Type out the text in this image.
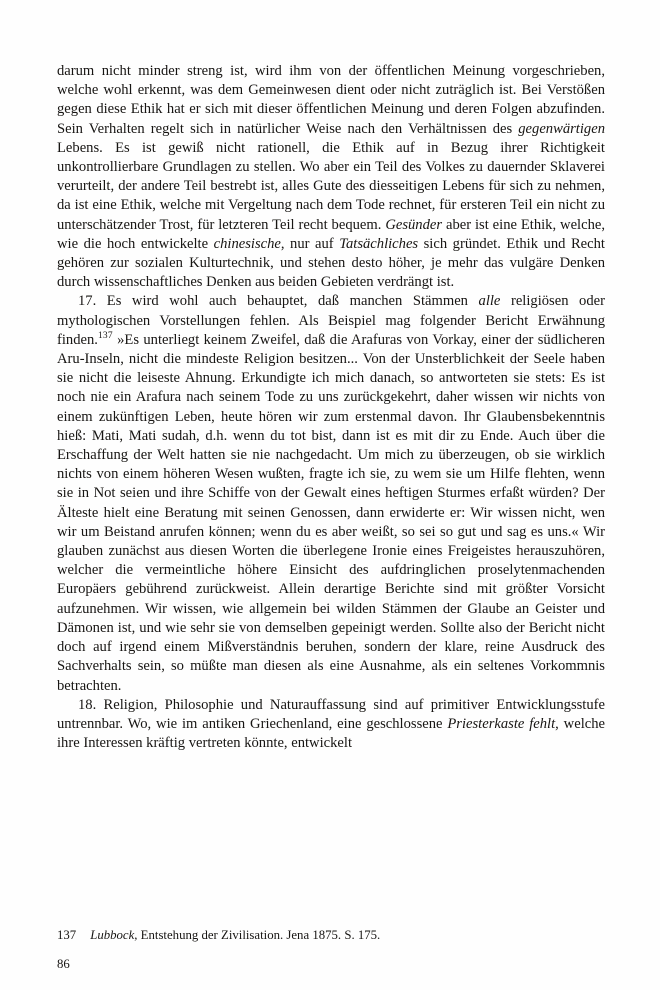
darum nicht minder streng ist, wird ihm von der öffentlichen Meinung vorgeschrieben, welche wohl erkennt, was dem Gemeinwesen dient oder nicht zuträglich ist. Bei Verstößen gegen diese Ethik hat er sich mit dieser öffentlichen Meinung und deren Folgen abzufinden. Sein Verhalten regelt sich in natürlicher Weise nach den Verhältnissen des gegenwärtigen Lebens. Es ist gewiß nicht rationell, die Ethik auf in Bezug ihrer Richtigkeit unkontrollierbare Grundlagen zu stellen. Wo aber ein Teil des Volkes zu dauernder Sklaverei verurteilt, der andere Teil bestrebt ist, alles Gute des diesseitigen Lebens für sich zu nehmen, da ist eine Ethik, welche mit Vergeltung nach dem Tode rechnet, für ersteren Teil ein nicht zu unterschätzender Trost, für letzteren Teil recht bequem. Gesünder aber ist eine Ethik, welche, wie die hoch entwickelte chinesische, nur auf Tatsächliches sich gründet. Ethik und Recht gehören zur sozialen Kulturtechnik, und stehen desto höher, je mehr das vulgäre Denken durch wissenschaftliches Denken aus beiden Gebieten verdrängt ist.

17. Es wird wohl auch behauptet, daß manchen Stämmen alle religiösen oder mythologischen Vorstellungen fehlen. Als Beispiel mag folgender Bericht Erwähnung finden.$^{137}$ »Es unterliegt keinem Zweifel, daß die Arafuras von Vorkay, einer der südlicheren Aru-Inseln, nicht die mindeste Religion besitzen... Von der Unsterblichkeit der Seele haben sie nicht die leiseste Ahnung. Erkundigte ich mich danach, so antworteten sie stets: Es ist noch nie ein Arafura nach seinem Tode zu uns zurückgekehrt, daher wissen wir nichts von einem zukünftigen Leben, heute hören wir zum erstenmal davon. Ihr Glaubensbekenntnis hieß: Mati, Mati sudah, d.h. wenn du tot bist, dann ist es mit dir zu Ende. Auch über die Erschaffung der Welt hatten sie nie nachgedacht. Um mich zu überzeugen, ob sie wirklich nichts von einem höheren Wesen wußten, fragte ich sie, zu wem sie um Hilfe flehten, wenn sie in Not seien und ihre Schiffe von der Gewalt eines heftigen Sturmes erfaßt würden? Der Älteste hielt eine Beratung mit seinen Genossen, dann erwiderte er: Wir wissen nicht, wen wir um Beistand anrufen können; wenn du es aber weißt, so sei so gut und sag es uns.« Wir glauben zunächst aus diesen Worten die überlegene Ironie eines Freigeistes herauszuhören, welcher die vermeintliche höhere Einsicht des aufdringlichen proselytenmachenden Europäers gebührend zurückweist. Allein derartige Berichte sind mit größter Vorsicht aufzunehmen. Wir wissen, wie allgemein bei wilden Stämmen der Glaube an Geister und Dämonen ist, und wie sehr sie von demselben gepeinigt werden. Sollte also der Bericht nicht doch auf irgend einem Mißverständnis beruhen, sondern der klare, reine Ausdruck des Sachverhalts sein, so müßte man diesen als eine Ausnahme, als ein seltenes Vorkommnis betrachten.

18. Religion, Philosophie und Naturauffassung sind auf primitiver Entwicklungsstufe untrennbar. Wo, wie im antiken Griechenland, eine geschlossene Priesterkaste fehlt, welche ihre Interessen kräftig vertreten könnte, entwickelt

137 Lubbock, Entstehung der Zivilisation. Jena 1875. S. 175.
86
